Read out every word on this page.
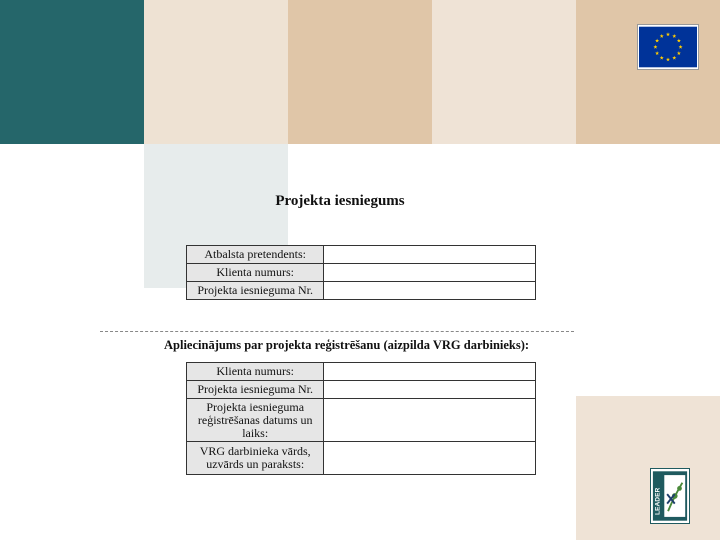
Projekta iesniegums
Atbalsta pretendents:	
Klienta numurs:	
Projekta iesnieguma Nr.	
Apliecinājums par projekta reģistrēšanu (aizpilda VRG darbinieks):
Klienta numurs:	
Projekta iesnieguma Nr.	
Projekta iesnieguma
reģistrēšanas datums un
laiks:	
VRG darbinieka vārds,
uzvārds un paraksts:	
LEADER
